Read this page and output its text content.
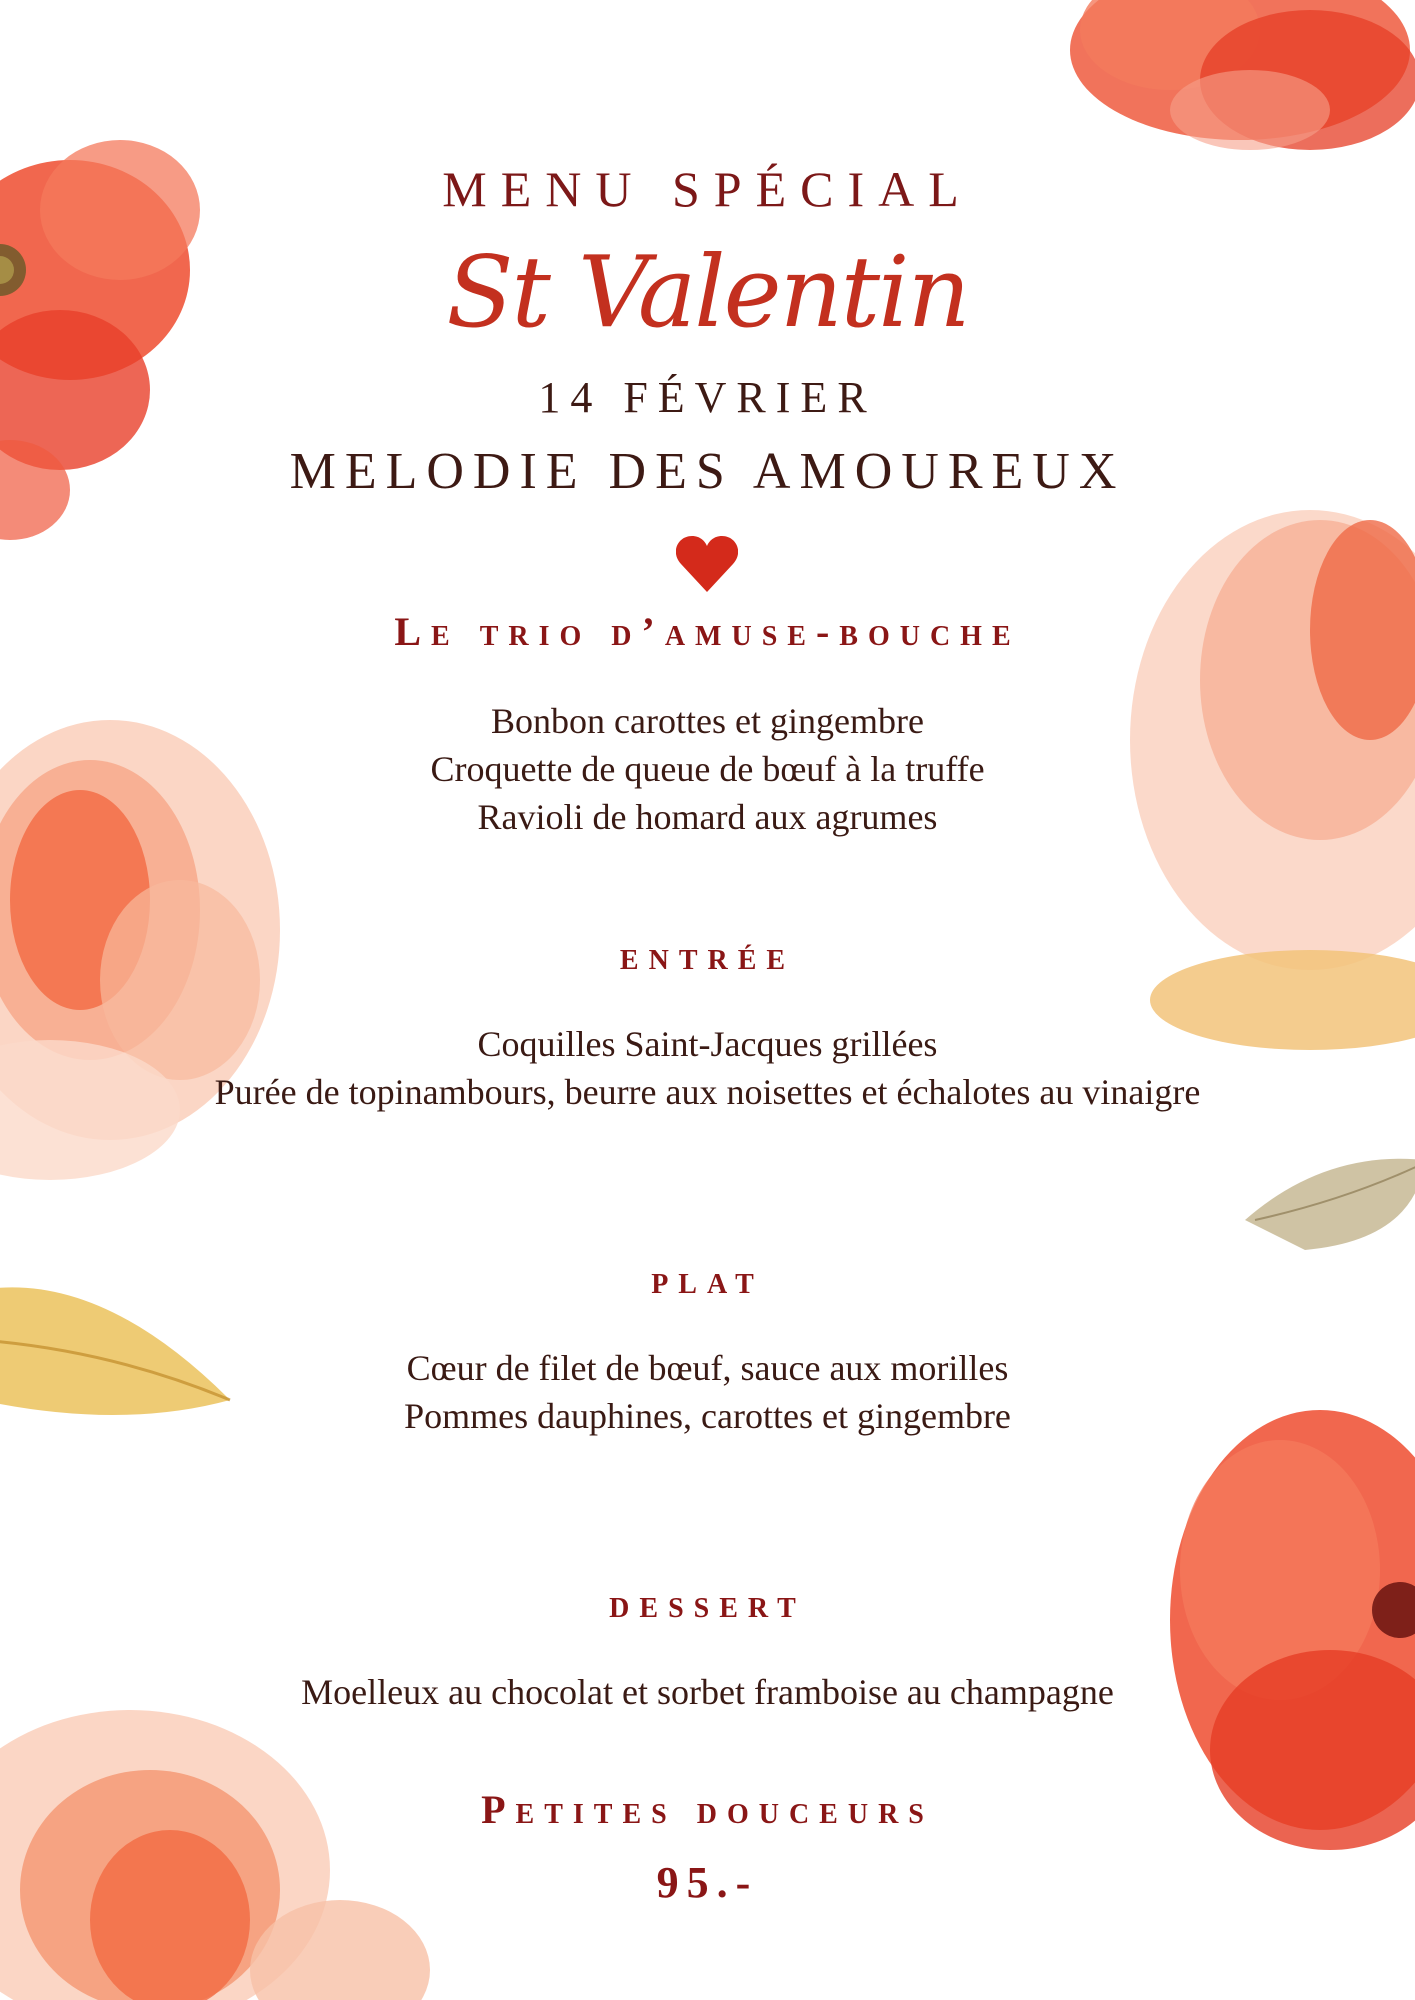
MENU SPÉCIAL
St Valentin
14 FÉVRIER
MELODIE DES AMOUREUX
Le trio d’amuse-bouche
Bonbon carottes et gingembre
Croquette de queue de bœuf à la truffe
Ravioli de homard aux agrumes
entrée
Coquilles Saint-Jacques grillées
Purée de topinambours, beurre aux noisettes et échalotes au vinaigre
plat
Cœur de filet de bœuf, sauce aux morilles
Pommes dauphines, carottes et gingembre
dessert
Moelleux au chocolat et sorbet framboise au champagne
Petites douceurs
95.-
